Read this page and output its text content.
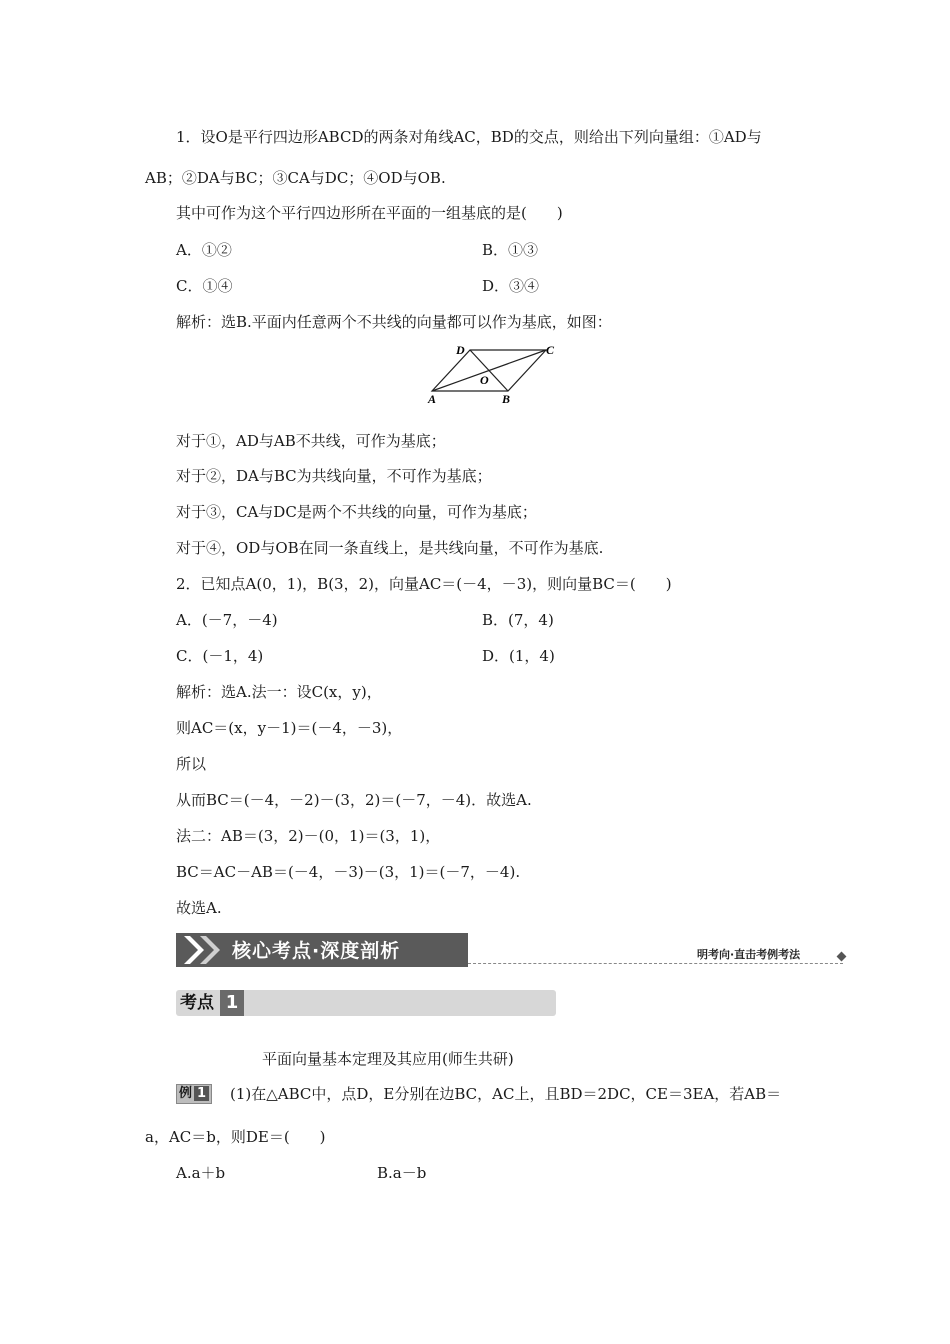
1．设O是平行四边形ABCD的两条对角线AC，BD的交点，则给出下列向量组：①AD与
AB；②DA与BC；③CA与DC；④OD与OB.
其中可作为这个平行四边形所在平面的一组基底的是(　　)
A．①②	B．①③
C．①④	D．③④
解析：选B.平面内任意两个不共线的向量都可以作为基底，如图：
D	C
O
A	B
对于①，AD与AB不共线，可作为基底；
对于②，DA与BC为共线向量，不可作为基底；
对于③，CA与DC是两个不共线的向量，可作为基底；
对于④，OD与OB在同一条直线上，是共线向量，不可作为基底.
2．已知点A(0，1)，B(3，2)，向量AC＝(－4，－3)，则向量BC＝(　　)
A．(－7，－4)	B．(7，4)
C．(－1，4)	D．(1，4)
解析：选A.法一：设C(x，y)，
则AC＝(x，y－1)＝(－4，－3)，
所以
从而BC＝(－4，－2)－(3，2)＝(－7，－4)．故选A.
法二：AB＝(3，2)－(0，1)＝(3，1)，
BC＝AC－AB＝(－4，－3)－(3，1)＝(－7，－4).
故选A.
核心考点·深度剖析	明考向·直击考例考法
考点 1
平面向量基本定理及其应用(师生共研)
例 1	(1)在△ABC中，点D，E分别在边BC，AC上，且BD＝2DC，CE＝3EA，若AB＝
a，AC＝b，则DE＝(　　)
A.a＋b	B.a－b
